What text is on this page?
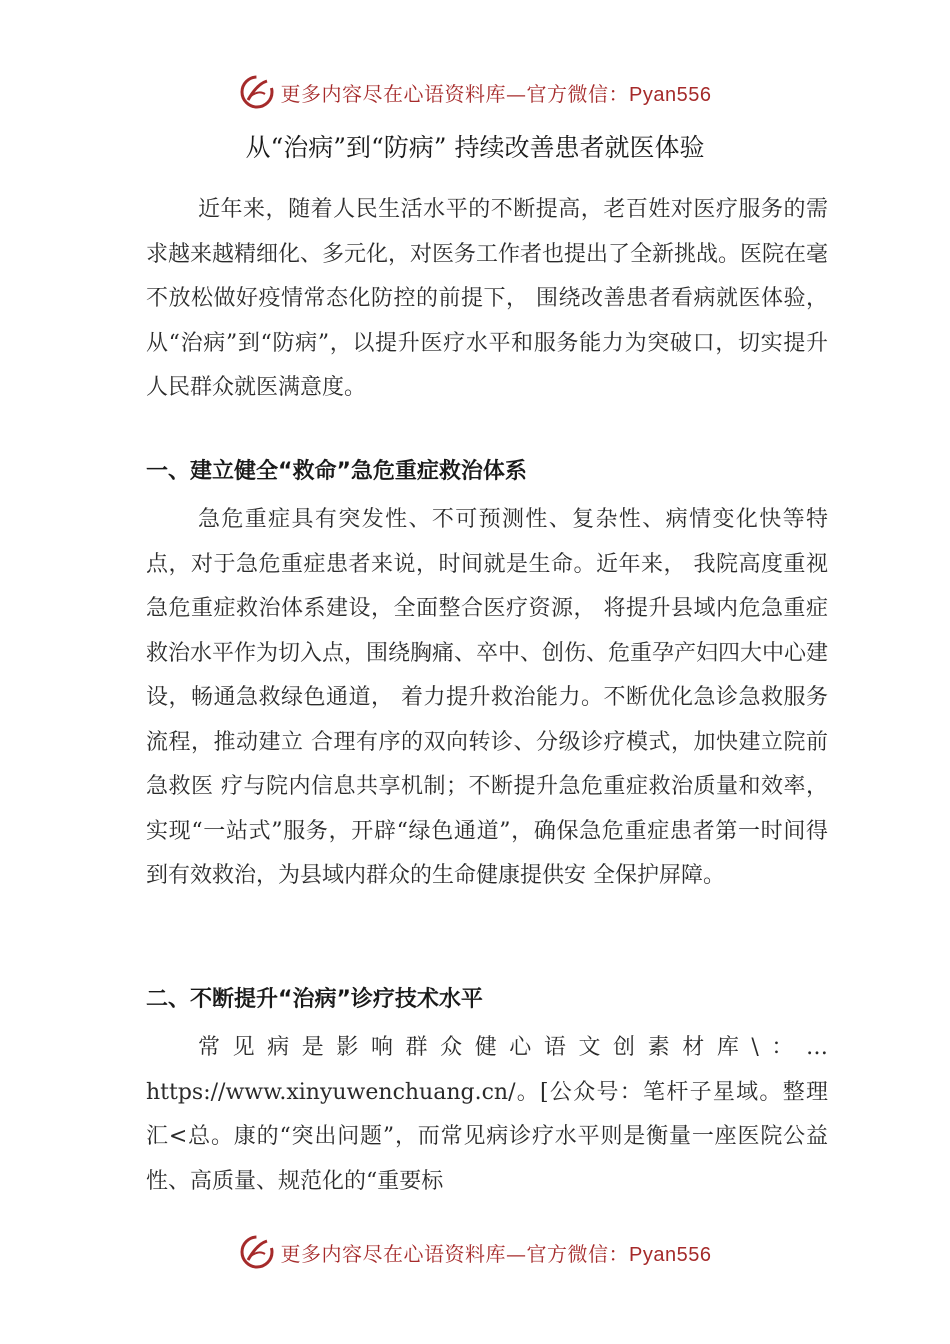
更多内容尽在心语资料库—官方微信：Pyan556
从“治病”到“防病” 持续改善患者就医体验

近年来，随着人民生活水平的不断提高，老百姓对医疗服务的需求越来越精细化、多元化，对医务工作者也提出了全新挑战。医院在毫不放松做好疫情常态化防控的前提下， 围绕改善患者看病就医体验，从“治病”到“防病”，以提升医疗水平和服务能力为突破口，切实提升人民群众就医满意度。

一、建立健全“救命”急危重症救治体系

急危重症具有突发性、不可预测性、复杂性、病情变化快等特点，对于急危重症患者来说，时间就是生命。近年来， 我院高度重视急危重症救治体系建设，全面整合医疗资源， 将提升县域内危急重症救治水平作为切入点，围绕胸痛、卒中、创伤、危重孕产妇四大中心建设，畅通急救绿色通道， 着力提升救治能力。不断优化急诊急救服务流程，推动建立 合理有序的双向转诊、分级诊疗模式，加快建立院前急救医 疗与院内信息共享机制；不断提升急危重症救治质量和效率， 实现“一站式”服务，开辟“绿色通道”，确保急危重症患者第一时间得到有效救治，为县域内群众的生命健康提供安 全保护屏障。

二、不断提升“治病”诊疗技术水平

常见病是影响群众健心语文创素材库\：…https://www.xinyuwenchuang.cn/。[公众号：笔杆子星域。整理汇<总。康的“突出问题”，而常见病诊疗水平则是衡量一座医院公益性、高质量、规范化的“重要标

更多内容尽在心语资料库—官方微信：Pyan556
